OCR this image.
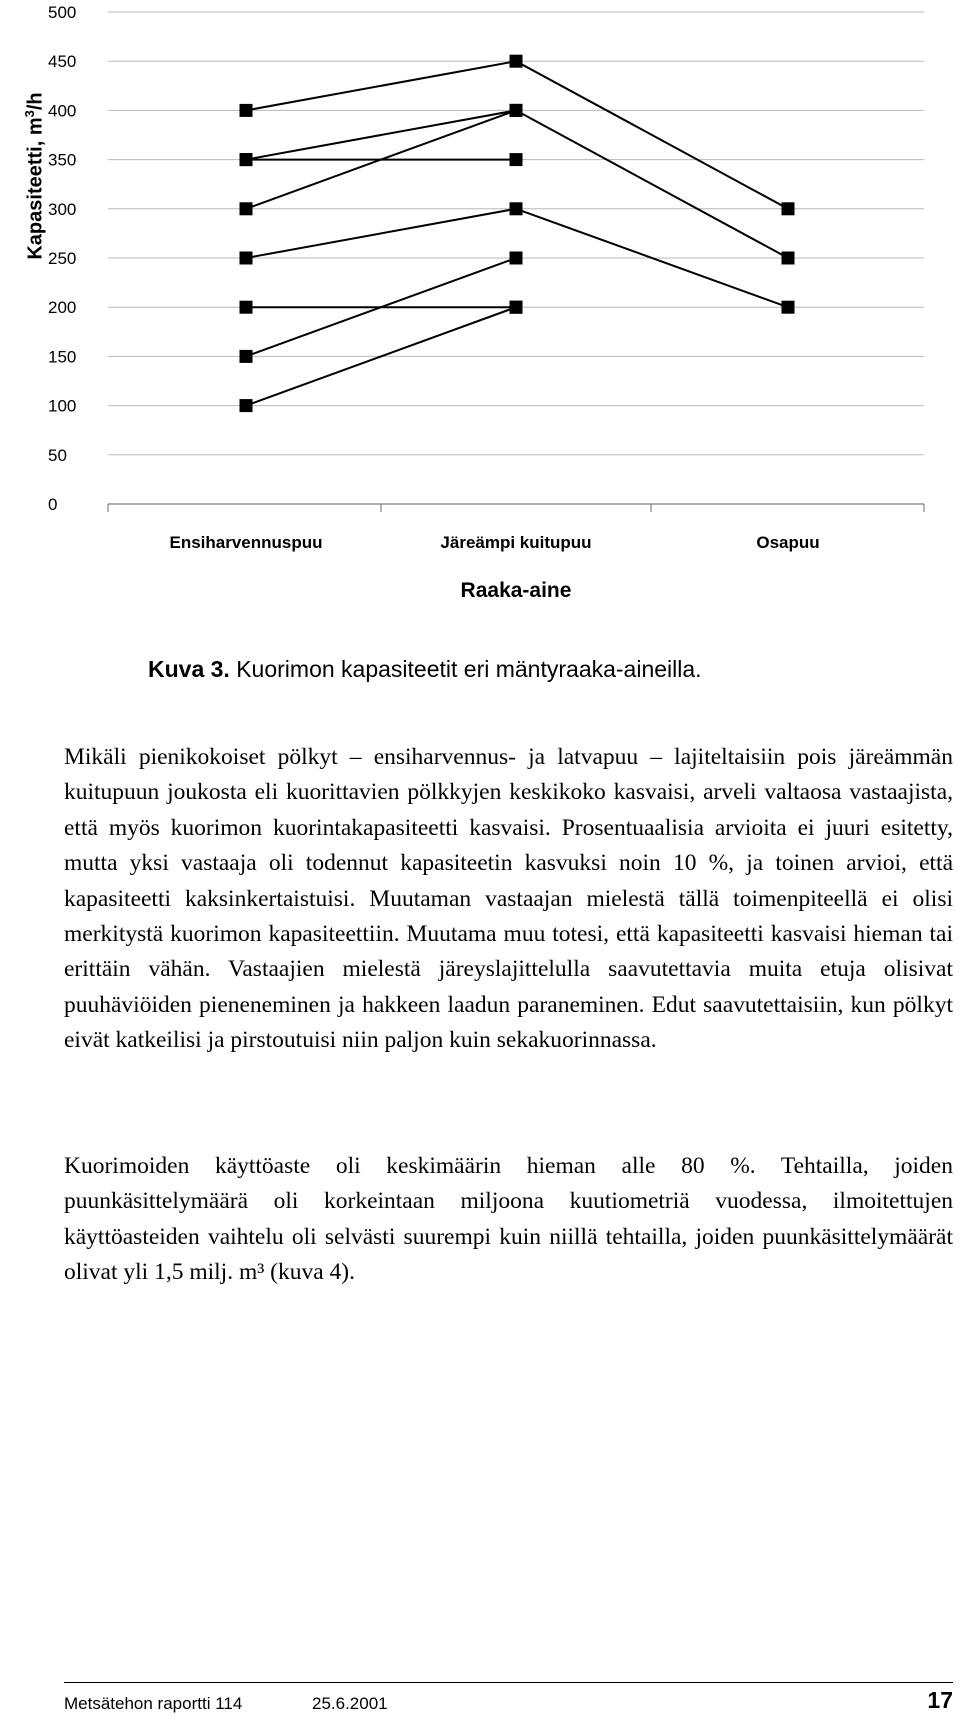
0
50
100
150
200
250
300
350
400
450
500
Ensiharvennuspuu	Järeämpi kuitupuu	Osapuu
Raaka-aine
Kapasiteetti, $m^3/h$
Kuva 3. Kuorimon kapasiteetit eri mäntyraaka-aineilla.

Mikäli pienikokoiset pölkyt – ensiharvennus- ja latvapuu – lajiteltaisiin pois järeämmän kuitupuun joukosta eli kuorittavien pölkkyjen keskikoko kasvaisi, arveli valtaosa vastaajista, että myös kuorimon kuorintakapasiteetti kasvaisi. Prosentuaalisia arvioita ei juuri esitetty, mutta yksi vastaaja oli todennut kapasiteetin kasvuksi noin 10 %, ja toinen arvioi, että kapasiteetti kaksinkertaistuisi. Muutaman vastaajan mielestä tällä toimenpiteellä ei olisi merkitystä kuorimon kapasiteettiin. Muutama muu totesi, että kapasiteetti kasvaisi hieman tai erittäin vähän. Vastaajien mielestä järeyslajittelulla saavutettavia muita etuja olisivat puuhäviöiden pieneneminen ja hakkeen laadun paraneminen. Edut saavutettaisiin, kun pölkyt eivät katkeilisi ja pirstoutuisi niin paljon kuin sekakuorinnassa.

Kuorimoiden käyttöaste oli keskimäärin hieman alle 80 %. Tehtailla, joiden puunkäsittelymäärä oli korkeintaan miljoona kuutiometriä vuodessa, ilmoitettujen käyttöasteiden vaihtelu oli selvästi suurempi kuin niillä tehtailla, joiden puunkäsittelymäärät olivat yli 1,5 milj. m³ (kuva 4).

Metsätehon raportti 114	25.6.2001	17
